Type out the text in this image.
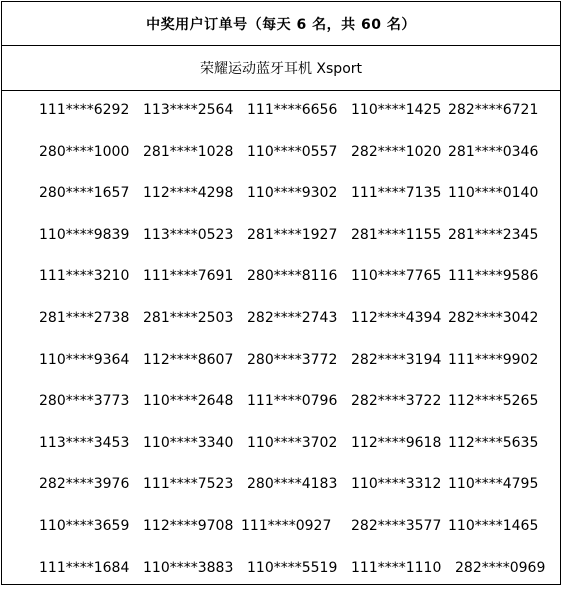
中奖用户订单号（每天 6 名，共 60 名）
荣耀运动蓝牙耳机 Xsport
111****6292 113****2564 111****6656 110****1425 282****6721
280****1000 281****1028 110****0557 282****1020 281****0346
280****1657 112****4298 110****9302 111****7135 110****0140
110****9839 113****0523 281****1927 281****1155 281****2345
111****3210 111****7691 280****8116 110****7765 111****9586
281****2738 281****2503 282****2743 112****4394 282****3042
110****9364 112****8607 280****3772 282****3194 111****9902
280****3773 110****2648 111****0796 282****3722 112****5265
113****3453 110****3340 110****3702 112****9618 112****5635
282****3976 111****7523 280****4183 110****3312 110****4795
110****3659 112****9708 111****0927 282****3577 110****1465
111****1684 110****3883 110****5519 111****1110 282****0969
